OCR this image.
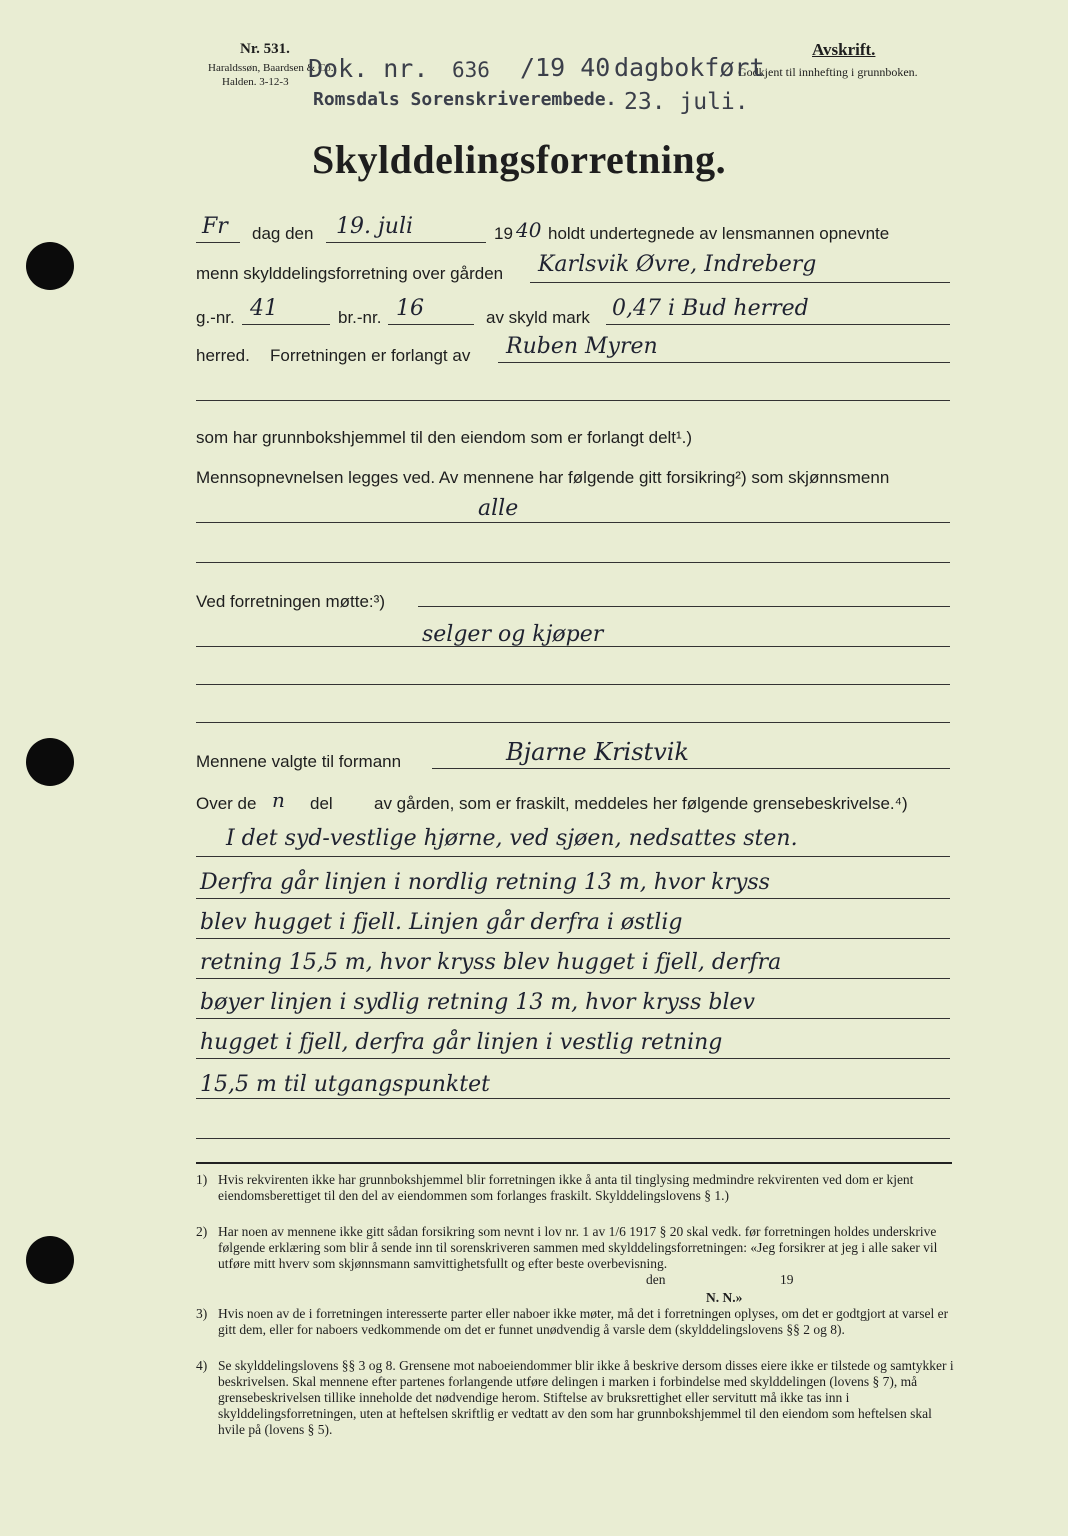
Nr. 531.
Haraldssøn, Baardsen & Co.
Halden. 3-12-3
Avskrift.
Godkjent til innhefting i grunnboken.
Dok. nr. 636 /19 40 dagbokført
Romsdals Sorenskriverembede. 23. juli.
Skylddelingsforretning.
Fr dag den 19. juli	19 40 holdt undertegnede av lensmannen opnevnte
menn skylddelingsforretning over gården Karlsvik Øvre, Indreberg
g.-nr. 41	br.-nr. 16	av skyld mark 0,47 i Bud herred
herred. Forretningen er forlangt av Ruben Myren
som har grunnbokshjemmel til den eiendom som er forlangt delt¹.)
Mennsopnevnelsen legges ved. Av mennene har følgende gitt forsikring²) som skjønnsmenn
alle
Ved forretningen møtte:³)
selger og kjøper
Mennene valgte til formann	Bjarne Kristvik
Over de n del av gården, som er fraskilt, meddeles her følgende grensebeskrivelse.⁴)
I det syd-vestlige hjørne, ved sjøen, nedsattes sten.
Derfra går linjen i nordlig retning 13 m, hvor kryss
blev hugget i fjell. Linjen går derfra i østlig
retning 15,5 m, hvor kryss blev hugget i fjell, derfra
bøyer linjen i sydlig retning 13 m, hvor kryss blev
hugget i fjell, derfra går linjen i vestlig retning
15,5 m til utgangspunktet
1) Hvis rekvirenten ikke har grunnbokshjemmel blir forretningen ikke å anta til tinglysing medmindre rekvirenten ved dom er kjent eiendomsberettiget til den del av eiendommen som forlanges fraskilt. Skylddelingslovens § 1.)
2) Har noen av mennene ikke gitt sådan forsikring som nevnt i lov nr. 1 av 1/6 1917 § 20 skal vedk. før forretningen holdes underskrive følgende erklæring som blir å sende inn til sorenskriveren sammen med skylddelingsforretningen: «Jeg forsikrer at jeg i alle saker vil utføre mitt hverv som skjønnsmann samvittighetsfullt og efter beste overbevisning.
den	19
N. N.»
3) Hvis noen av de i forretningen interesserte parter eller naboer ikke møter, må det i forretningen oplyses, om det er godtgjort at varsel er gitt dem, eller for naboers vedkommende om det er funnet unødvendig å varsle dem (skylddelingslovens §§ 2 og 8).
4) Se skylddelingslovens §§ 3 og 8. Grensene mot naboeiendommer blir ikke å beskrive dersom disses eiere ikke er tilstede og samtykker i beskrivelsen. Skal mennene efter partenes forlangende utføre delingen i marken i forbindelse med skylddelingen (lovens § 7), må grensebeskrivelsen tillike inneholde det nødvendige herom. Stiftelse av bruksrettighet eller servitutt må ikke tas inn i skylddelingsforretningen, uten at heftelsen skriftlig er vedtatt av den som har grunnbokshjemmel til den eiendom som heftelsen skal hvile på (lovens § 5).
